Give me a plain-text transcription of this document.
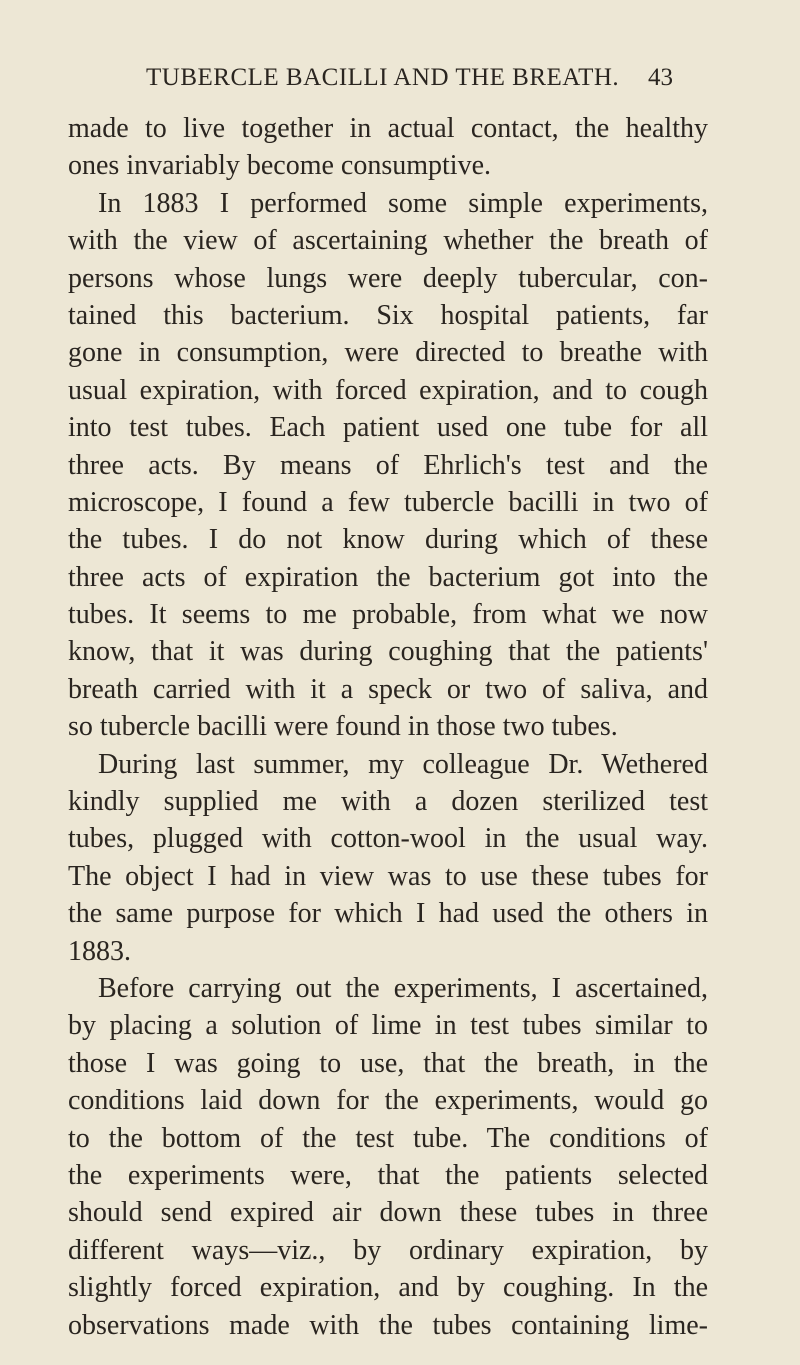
TUBERCLE BACILLI AND THE BREATH.	43
made to live together in actual contact, the healthy
ones invariably become consumptive.
In 1883 I performed some simple experiments,
with the view of ascertaining whether the breath of
persons whose lungs were deeply tubercular, con-
tained this bacterium. Six hospital patients, far
gone in consumption, were directed to breathe with
usual expiration, with forced expiration, and to cough
into test tubes. Each patient used one tube for all
three acts. By means of Ehrlich's test and the
microscope, I found a few tubercle bacilli in two of
the tubes. I do not know during which of these
three acts of expiration the bacterium got into the
tubes. It seems to me probable, from what we now
know, that it was during coughing that the patients'
breath carried with it a speck or two of saliva, and
so tubercle bacilli were found in those two tubes.
During last summer, my colleague Dr. Wethered
kindly supplied me with a dozen sterilized test
tubes, plugged with cotton-wool in the usual way.
The object I had in view was to use these tubes for
the same purpose for which I had used the others in
1883.
Before carrying out the experiments, I ascertained,
by placing a solution of lime in test tubes similar to
those I was going to use, that the breath, in the
conditions laid down for the experiments, would go
to the bottom of the test tube. The conditions of
the experiments were, that the patients selected
should send expired air down these tubes in three
different ways—viz., by ordinary expiration, by
slightly forced expiration, and by coughing. In the
observations made with the tubes containing lime-
